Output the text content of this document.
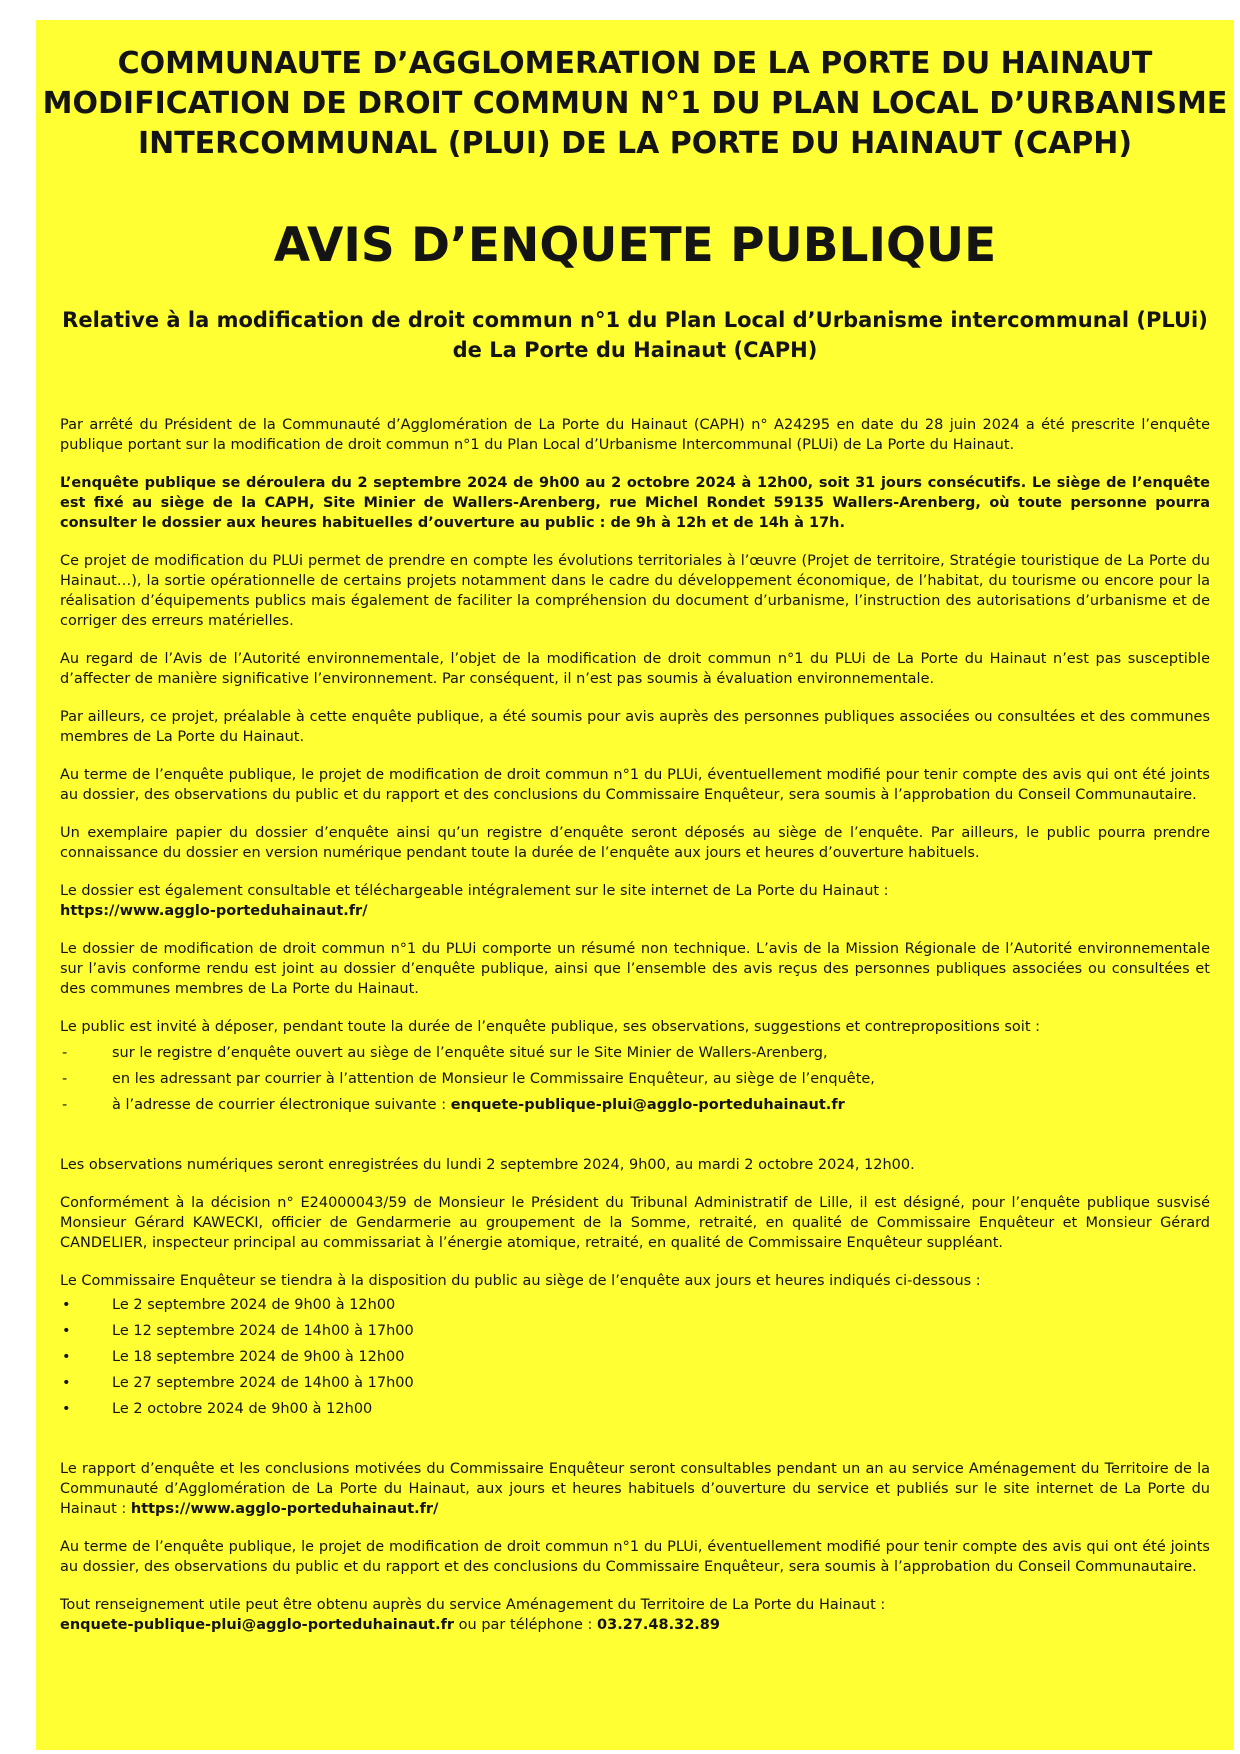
COMMUNAUTE D’AGGLOMERATION DE LA PORTE DU HAINAUT
MODIFICATION DE DROIT COMMUN N°1 DU PLAN LOCAL D’URBANISME
INTERCOMMUNAL (PLUI) DE LA PORTE DU HAINAUT (CAPH)
AVIS D’ENQUETE PUBLIQUE
Relative à la modification de droit commun n°1 du Plan Local d’Urbanisme intercommunal (PLUi)
de La Porte du Hainaut (CAPH)

Par arrêté du Président de la Communauté d’Agglomération de La Porte du Hainaut (CAPH) n° A24295 en date du 28 juin 2024 a été prescrite l’enquête publique portant sur la modification de droit commun n°1 du Plan Local d’Urbanisme Intercommunal (PLUi) de La Porte du Hainaut.

L’enquête publique se déroulera du 2 septembre 2024 de 9h00 au 2 octobre 2024 à 12h00, soit 31 jours consécutifs. Le siège de l’enquête est fixé au siège de la CAPH, Site Minier de Wallers-Arenberg, rue Michel Rondet 59135 Wallers-Arenberg, où toute personne pourra consulter le dossier aux heures habituelles d’ouverture au public : de 9h à 12h et de 14h à 17h.

Ce projet de modification du PLUi permet de prendre en compte les évolutions territoriales à l’œuvre (Projet de territoire, Stratégie touristique de La Porte du Hainaut…), la sortie opérationnelle de certains projets notamment dans le cadre du développement économique, de l’habitat, du tourisme ou encore pour la réalisation d’équipements publics mais également de faciliter la compréhension du document d’urbanisme, l’instruction des autorisations d’urbanisme et de corriger des erreurs matérielles.

Au regard de l’Avis de l’Autorité environnementale, l’objet de la modification de droit commun n°1 du PLUi de La Porte du Hainaut n’est pas susceptible d’affecter de manière significative l’environnement. Par conséquent, il n’est pas soumis à évaluation environnementale.

Par ailleurs, ce projet, préalable à cette enquête publique, a été soumis pour avis auprès des personnes publiques associées ou consultées et des communes membres de La Porte du Hainaut.

Au terme de l’enquête publique, le projet de modification de droit commun n°1 du PLUi, éventuellement modifié pour tenir compte des avis qui ont été joints au dossier, des observations du public et du rapport et des conclusions du Commissaire Enquêteur, sera soumis à l’approbation du Conseil Communautaire.

Un exemplaire papier du dossier d’enquête ainsi qu’un registre d’enquête seront déposés au siège de l’enquête. Par ailleurs, le public pourra prendre connaissance du dossier en version numérique pendant toute la durée de l’enquête aux jours et heures d’ouverture habituels.

Le dossier est également consultable et téléchargeable intégralement sur le site internet de La Porte du Hainaut :
https://www.agglo-porteduhainaut.fr/

Le dossier de modification de droit commun n°1 du PLUi comporte un résumé non technique. L’avis de la Mission Régionale de l’Autorité environnementale sur l’avis conforme rendu est joint au dossier d’enquête publique, ainsi que l’ensemble des avis reçus des personnes publiques associées ou consultées et des communes membres de La Porte du Hainaut.

Le public est invité à déposer, pendant toute la durée de l’enquête publique, ses observations, suggestions et contrepropositions soit :

-	sur le registre d’enquête ouvert au siège de l’enquête situé sur le Site Minier de Wallers-Arenberg,
-	en les adressant par courrier à l’attention de Monsieur le Commissaire Enquêteur, au siège de l’enquête,
-	à l’adresse de courrier électronique suivante : enquete-publique-plui@agglo-porteduhainaut.fr

Les observations numériques seront enregistrées du lundi 2 septembre 2024, 9h00, au mardi 2 octobre 2024, 12h00.

Conformément à la décision n° E24000043/59 de Monsieur le Président du Tribunal Administratif de Lille, il est désigné, pour l’enquête publique susvisé Monsieur Gérard KAWECKI, officier de Gendarmerie au groupement de la Somme, retraité, en qualité de Commissaire Enquêteur et Monsieur Gérard CANDELIER, inspecteur principal au commissariat à l’énergie atomique, retraité, en qualité de Commissaire Enquêteur suppléant.

Le Commissaire Enquêteur se tiendra à la disposition du public au siège de l’enquête aux jours et heures indiqués ci-dessous :

•	Le 2 septembre 2024 de 9h00 à 12h00
•	Le 12 septembre 2024 de 14h00 à 17h00
•	Le 18 septembre 2024 de 9h00 à 12h00
•	Le 27 septembre 2024 de 14h00 à 17h00
•	Le 2 octobre 2024 de 9h00 à 12h00

Le rapport d’enquête et les conclusions motivées du Commissaire Enquêteur seront consultables pendant un an au service Aménagement du Territoire de la Communauté d’Agglomération de La Porte du Hainaut, aux jours et heures habituels d’ouverture du service et publiés sur le site internet de La Porte du Hainaut : https://www.agglo-porteduhainaut.fr/

Au terme de l’enquête publique, le projet de modification de droit commun n°1 du PLUi, éventuellement modifié pour tenir compte des avis qui ont été joints au dossier, des observations du public et du rapport et des conclusions du Commissaire Enquêteur, sera soumis à l’approbation du Conseil Communautaire.

Tout renseignement utile peut être obtenu auprès du service Aménagement du Territoire de La Porte du Hainaut :
enquete-publique-plui@agglo-porteduhainaut.fr ou par téléphone : 03.27.48.32.89
